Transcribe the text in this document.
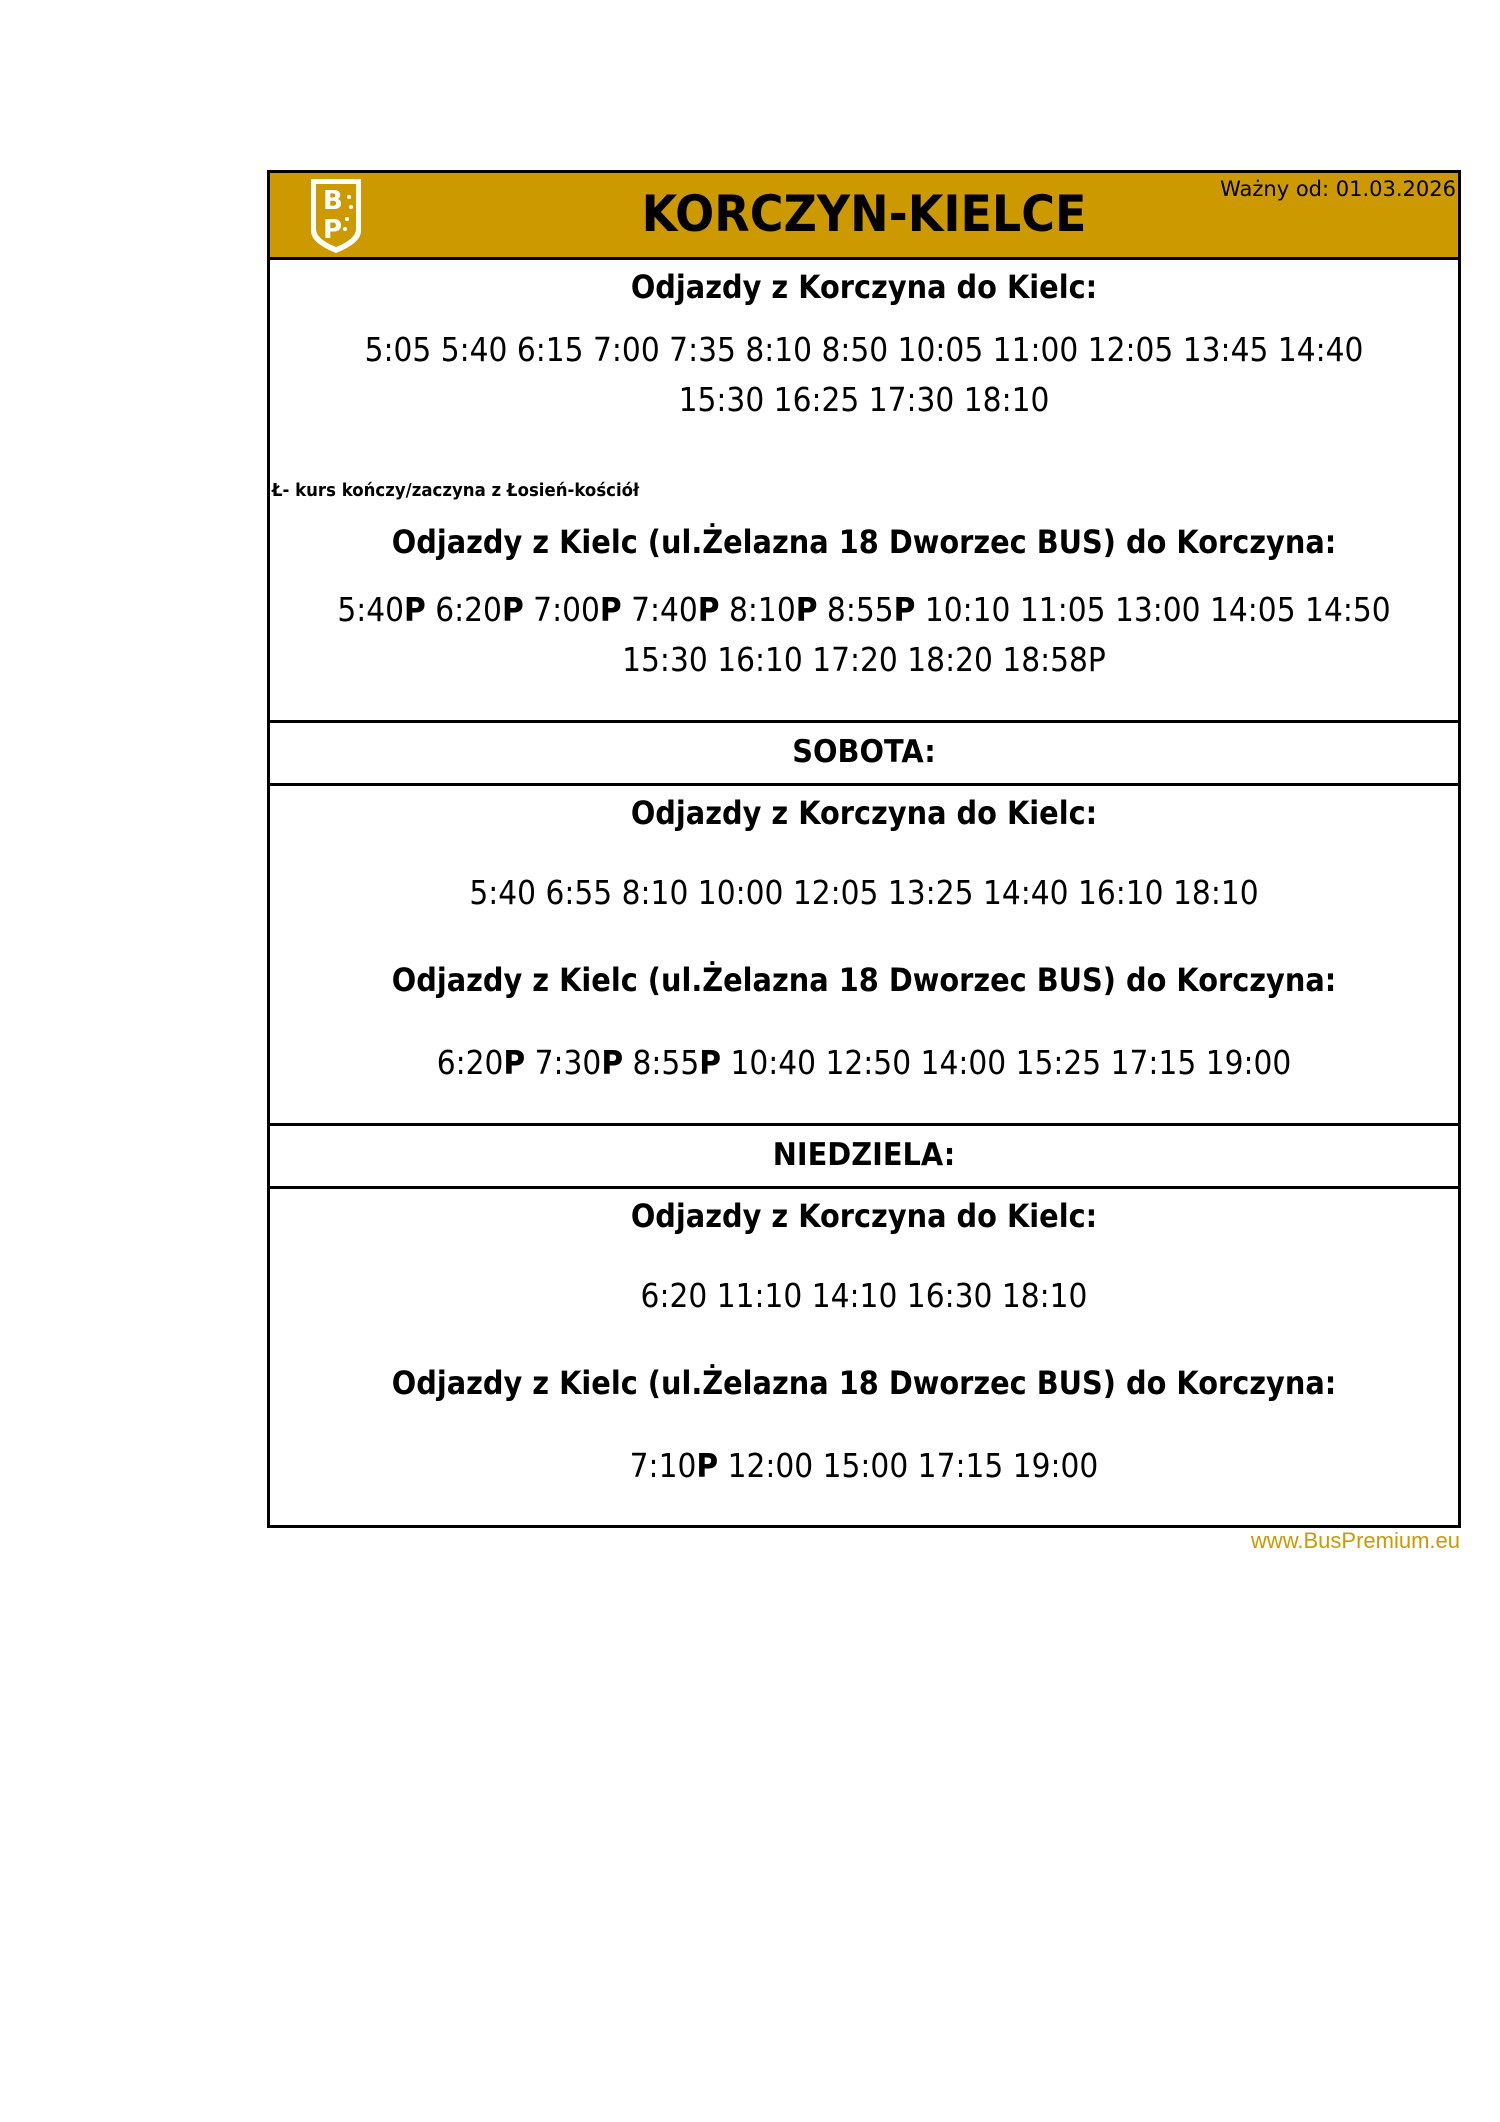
B
P	KORCZYN-KIELCE	Ważny od: 01.03.2026
Odjazdy z Korczyna do Kielc:
5:05 5:40 6:15 7:00 7:35 8:10 8:50 10:05 11:00 12:05 13:45 14:40 15:30 16:25 17:30 18:10
Ł- kurs kończy/zaczyna z Łosień-kościół
Odjazdy z Kielc (ul.Żelazna 18 Dworzec BUS) do Korczyna:
5:40P 6:20P 7:00P 7:40P 8:10P 8:55P 10:10 11:05 13:00 14:05 14:50 15:30 16:10 17:20 18:20 18:58P
SOBOTA:
Odjazdy z Korczyna do Kielc:
5:40 6:55 8:10 10:00 12:05 13:25 14:40 16:10 18:10
Odjazdy z Kielc (ul.Żelazna 18 Dworzec BUS) do Korczyna:
6:20P 7:30P 8:55P 10:40 12:50 14:00 15:25 17:15 19:00
NIEDZIELA:
Odjazdy z Korczyna do Kielc:
6:20 11:10 14:10 16:30 18:10
Odjazdy z Kielc (ul.Żelazna 18 Dworzec BUS) do Korczyna:
7:10P 12:00 15:00 17:15 19:00
www.BusPremium.eu
